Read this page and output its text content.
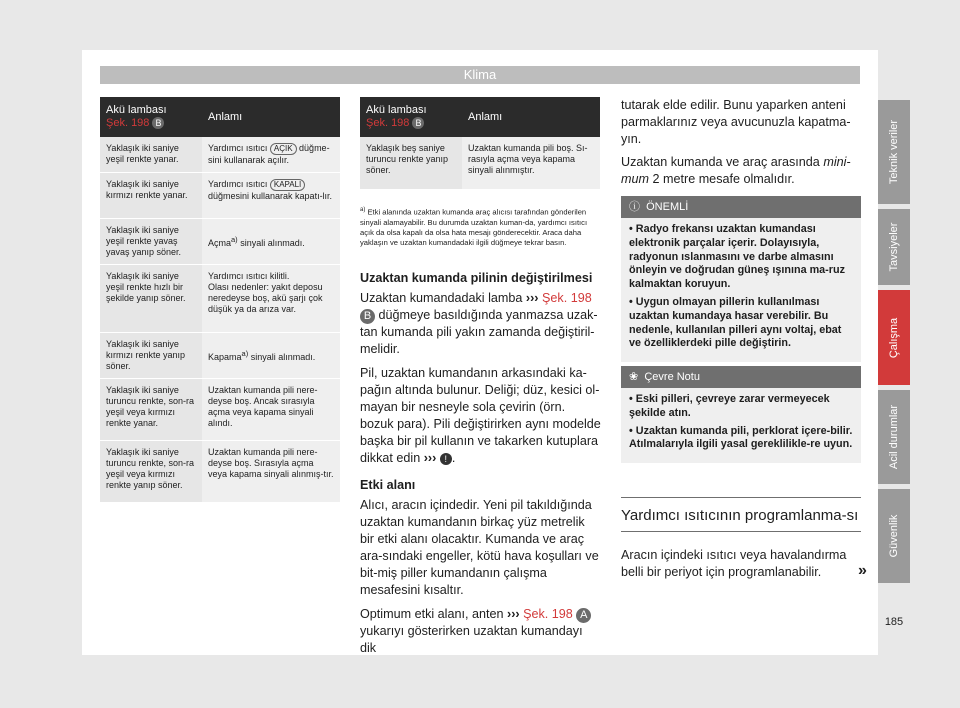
Klima
Akü lambası
Şek. 198 B	Anlamı
Yaklaşık iki saniye yeşil renkte yanar.	Yardımcı ısıtıcı AÇIK düğme-sini kullanarak açılır.
Yaklaşık iki saniye kırmızı renkte yanar.	Yardımcı ısıtıcı KAPALI düğmesini kullanarak kapatı-lır.
Yaklaşık iki saniye yeşil renkte yavaş yavaş yanıp söner.	Açma$^{a)}$ sinyali alınmadı.
Yaklaşık iki saniye yeşil renkte hızlı bir şekilde yanıp söner.	Yardımcı ısıtıcı kilitli.
Olası nedenler: yakıt deposu neredeyse boş, akü şarjı çok düşük ya da arıza var.
Yaklaşık iki saniye kırmızı renkte yanıp söner.	Kapama$^{a)}$ sinyali alınmadı.
Yaklaşık iki saniye turuncu renkte, son-ra yeşil veya kırmızı renkte yanar.	Uzaktan kumanda pili nere-deyse boş. Ancak sırasıyla açma veya kapama sinyali alındı.
Yaklaşık iki saniye turuncu renkte, son-ra yeşil veya kırmızı renkte yanıp söner.	Uzaktan kumanda pili nere-deyse boş. Sırasıyla açma veya kapama sinyali alınmış-tır.
Akü lambası
Şek. 198 B	Anlamı
Yaklaşık beş saniye turuncu renkte yanıp söner.	Uzaktan kumanda pili boş. Sı-rasıyla açma veya kapama sinyali alınmıştır.
$^{a)}$ Etki alanında uzaktan kumanda araç alıcısı tarafından gönderilen sinyali alamayabilir. Bu durumda uzaktan kuman-da, yardımcı ısıtıcı açık da olsa kapalı da olsa hata mesajı gönderecektir. Araca daha yaklaşın ve uzaktan kumandadaki ilgili düğmeye tekrar basın.
Uzaktan kumanda pilinin değiştirilmesi

Uzaktan kumandadaki lamba ››› Şek. 198 B düğmeye basıldığında yanmazsa uzak-tan kumanda pili yakın zamanda değiştiril-melidir.

Pil, uzaktan kumandanın arkasındaki ka-pağın altında bulunur. Deliği; düz, kesici ol-mayan bir nesneyle sola çevirin (örn. bozuk para). Pili değiştirirken aynı modelde başka bir pil kullanın ve takarken kutuplara dikkat edin ››› ! .

Etki alanı

Alıcı, aracın içindedir. Yeni pil takıldığında uzaktan kumandanın birkaç yüz metrelik bir etki alanı olacaktır. Kumanda ve araç ara-sındaki engeller, kötü hava koşulları ve bit-miş piller kumandanın çalışma mesafesini kısaltır.

Optimum etki alanı, anten ››› Şek. 198 A yukarıyı gösterirken uzaktan kumandayı dik

tutarak elde edilir. Bunu yaparken anteni parmaklarınız veya avucunuzla kapatma-yın.

Uzaktan kumanda ve araç arasında mini-mum 2 metre mesafe olmalıdır.

ⓘ ÖNEMLİ
• Radyo frekansı uzaktan kumandası elektronik parçalar içerir. Dolayısıyla, radyonun ıslanmasını ve darbe almasını önleyin ve doğrudan güneş ışınına ma-ruz kalmaktan koruyun.
• Uygun olmayan pillerin kullanılması uzaktan kumandaya hasar verebilir. Bu nedenle, kullanılan pilleri aynı voltaj, ebat ve özelliklerdeki pille değiştirin.
❀ Çevre Notu
• Eski pilleri, çevreye zarar vermeyecek şekilde atın.
• Uzaktan kumanda pili, perklorat içere-bilir. Atılmalarıyla ilgili yasal gereklilikle-re uyun.
Yardımcı ısıtıcının programlanma-sı
Aracın içindeki ısıtıcı veya havalandırma belli bir periyot için programlanabilir.	»
Teknik veriler
Tavsiyeler
Çalışma
Acil durumlar
Güvenlik
185
